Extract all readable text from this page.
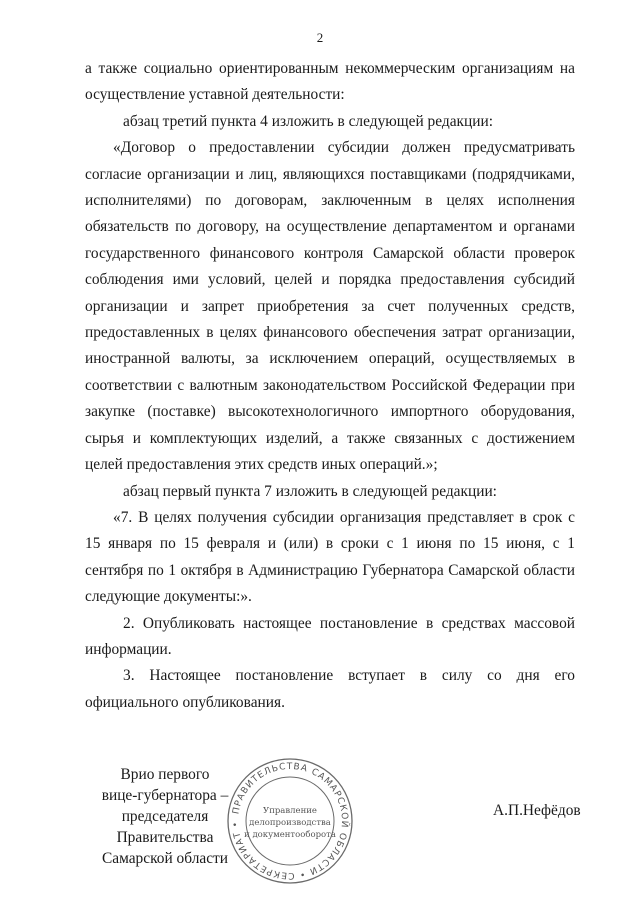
2

а также социально ориентированным некоммерческим организациям на осуществление уставной деятельности:

абзац третий пункта 4 изложить в следующей редакции:

«Договор о предоставлении субсидии должен предусматривать согласие организации и лиц, являющихся поставщиками (подрядчиками, исполнителями) по договорам, заключенным в целях исполнения обязательств по договору, на осуществление департаментом и органами государственного финансового контроля Самарской области проверок соблюдения ими условий, целей и порядка предоставления субсидий организации и запрет приобретения за счет полученных средств, предоставленных в целях финансового обеспечения затрат организации, иностранной валюты, за исключением операций, осуществляемых в соответствии с валютным законодательством Российской Федерации при закупке (поставке) высокотехнологичного импортного оборудования, сырья и комплектующих изделий, а также связанных с достижением целей предоставления этих средств иных операций.»;

абзац первый пункта 7 изложить в следующей редакции:

«7. В целях получения субсидии организация представляет в срок с 15 января по 15 февраля и (или) в сроки с 1 июня по 15 июня, с 1 сентября по 1 октября в Администрацию Губернатора Самарской области следующие документы:».

2. Опубликовать настоящее постановление в средствах массовой информации.

3. Настоящее постановление вступает в силу со дня его официального опубликования.

Врио первого
вице-губернатора –
председателя Правительства
Самарской области
ПРАВИТЕЛЬСТВА САМАРСКОЙ ОБЛАСТИ • СЕКРЕТАРИАТ •
Управление
делопроизводства
и документооборота
А.П.Нефёдов
